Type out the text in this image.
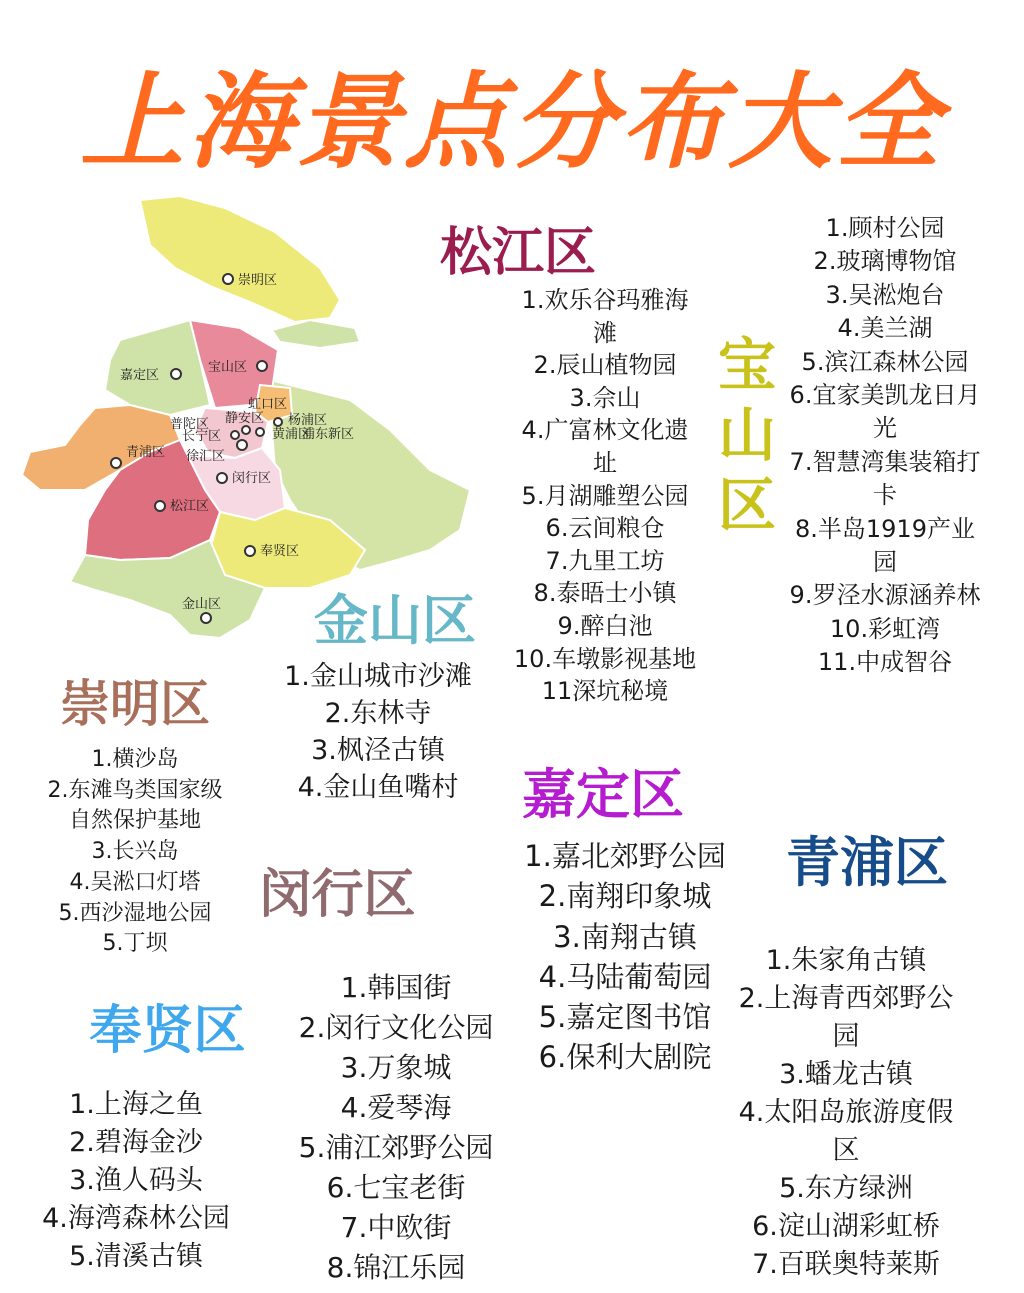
上海景点分布大全
崇明区
嘉定区
宝山区
虹口区
普陀区 静安区 杨浦区
长宁区	黄浦区
浦东新区
青浦区 徐汇区
闵行区
松江区
奉贤区
金山区
松江区
1.欢乐谷玛雅海
滩
2.辰山植物园
3.佘山
4.广富林文化遗
址
5.月湖雕塑公园
6.云间粮仓
7.九里工坊
8.泰晤士小镇
9.醉白池
10.车墩影视基地
11深坑秘境
宝
山
区
1.顾村公园
2.玻璃博物馆
3.吴淞炮台
4.美兰湖
5.滨江森林公园
6.宜家美凯龙日月
光
7.智慧湾集装箱打
卡
8.半岛1919产业
园
9.罗泾水源涵养林
10.彩虹湾
11.中成智谷
金山区
1.金山城市沙滩
2.东林寺
3.枫泾古镇
4.金山鱼嘴村
崇明区
1.横沙岛
2.东滩鸟类国家级
自然保护基地
3.长兴岛
4.吴淞口灯塔
5.西沙湿地公园
5.丁坝
嘉定区
1.嘉北郊野公园
2.南翔印象城
3.南翔古镇
4.马陆葡萄园
5.嘉定图书馆
6.保利大剧院
青浦区
1.朱家角古镇
2.上海青西郊野公
园
3.蟠龙古镇
4.太阳岛旅游度假
区
5.东方绿洲
6.淀山湖彩虹桥
7.百联奥特莱斯
闵行区
1.韩国街
2.闵行文化公园
3.万象城
4.爱琴海
5.浦江郊野公园
6.七宝老街
7.中欧街
8.锦江乐园
奉贤区
1.上海之鱼
2.碧海金沙
3.渔人码头
4.海湾森林公园
5.清溪古镇
